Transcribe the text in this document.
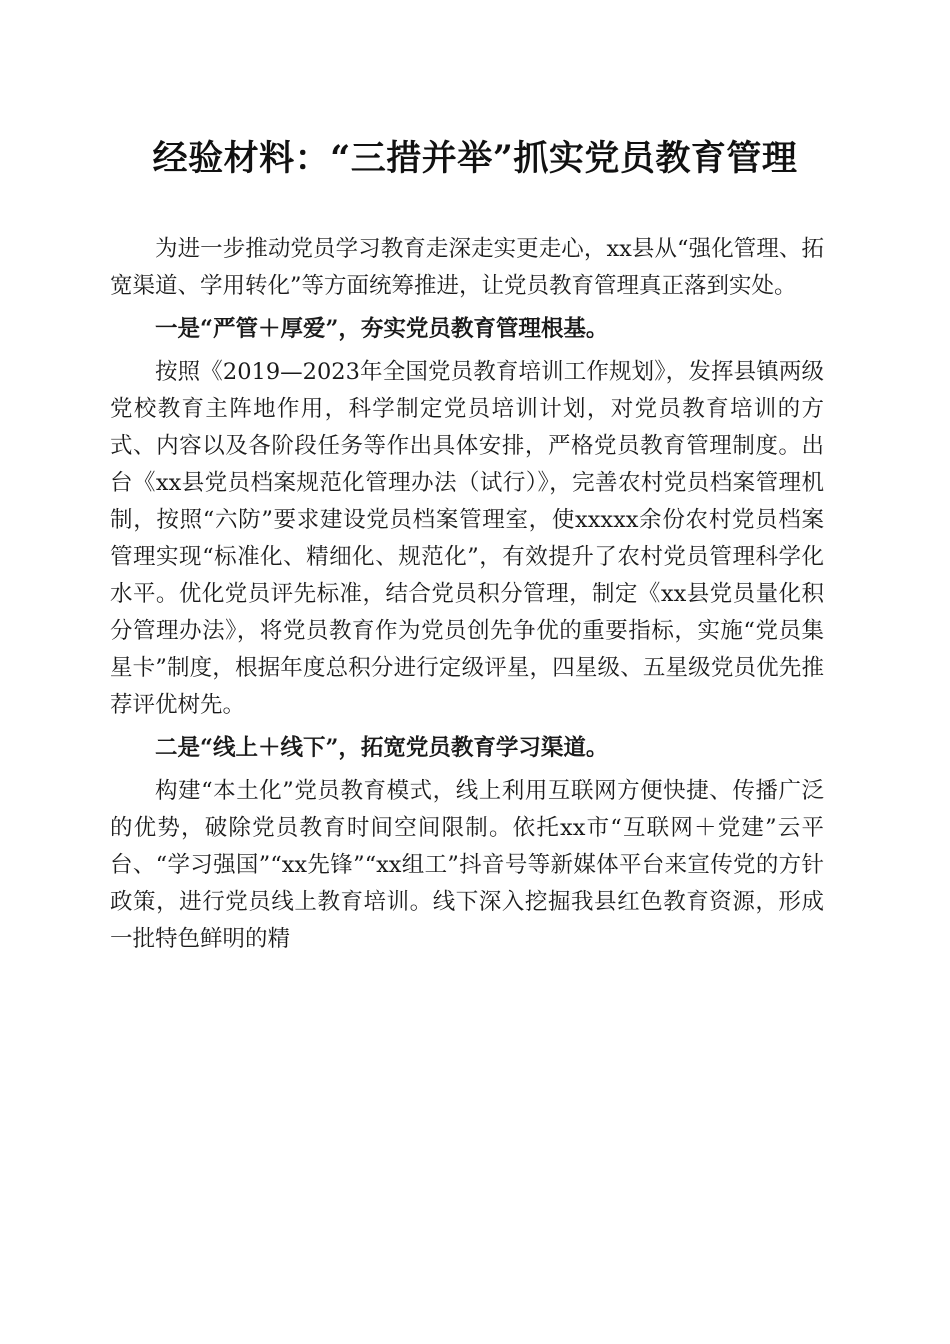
经验材料：“三措并举”抓实党员教育管理

为进一步推动党员学习教育走深走实更走心，xx县从“强化管理、拓宽渠道、学用转化”等方面统筹推进，让党员教育管理真正落到实处。

一是“严管＋厚爱”，夯实党员教育管理根基。

按照《2019—2023年全国党员教育培训工作规划》，发挥县镇两级党校教育主阵地作用，科学制定党员培训计划，对党员教育培训的方式、内容以及各阶段任务等作出具体安排，严格党员教育管理制度。出台《xx县党员档案规范化管理办法（试行）》，完善农村党员档案管理机制，按照“六防”要求建设党员档案管理室，使xxxxx余份农村党员档案管理实现“标准化、精细化、规范化”，有效提升了农村党员管理科学化水平。优化党员评先标准，结合党员积分管理，制定《xx县党员量化积分管理办法》，将党员教育作为党员创先争优的重要指标，实施“党员集星卡”制度，根据年度总积分进行定级评星，四星级、五星级党员优先推荐评优树先。

二是“线上＋线下”，拓宽党员教育学习渠道。

构建“本土化”党员教育模式，线上利用互联网方便快捷、传播广泛的优势，破除党员教育时间空间限制。依托xx市“互联网＋党建”云平台、“学习强国”“xx先锋”“xx组工”抖音号等新媒体平台来宣传党的方针政策，进行党员线上教育培训。线下深入挖掘我县红色教育资源，形成一批特色鲜明的精
